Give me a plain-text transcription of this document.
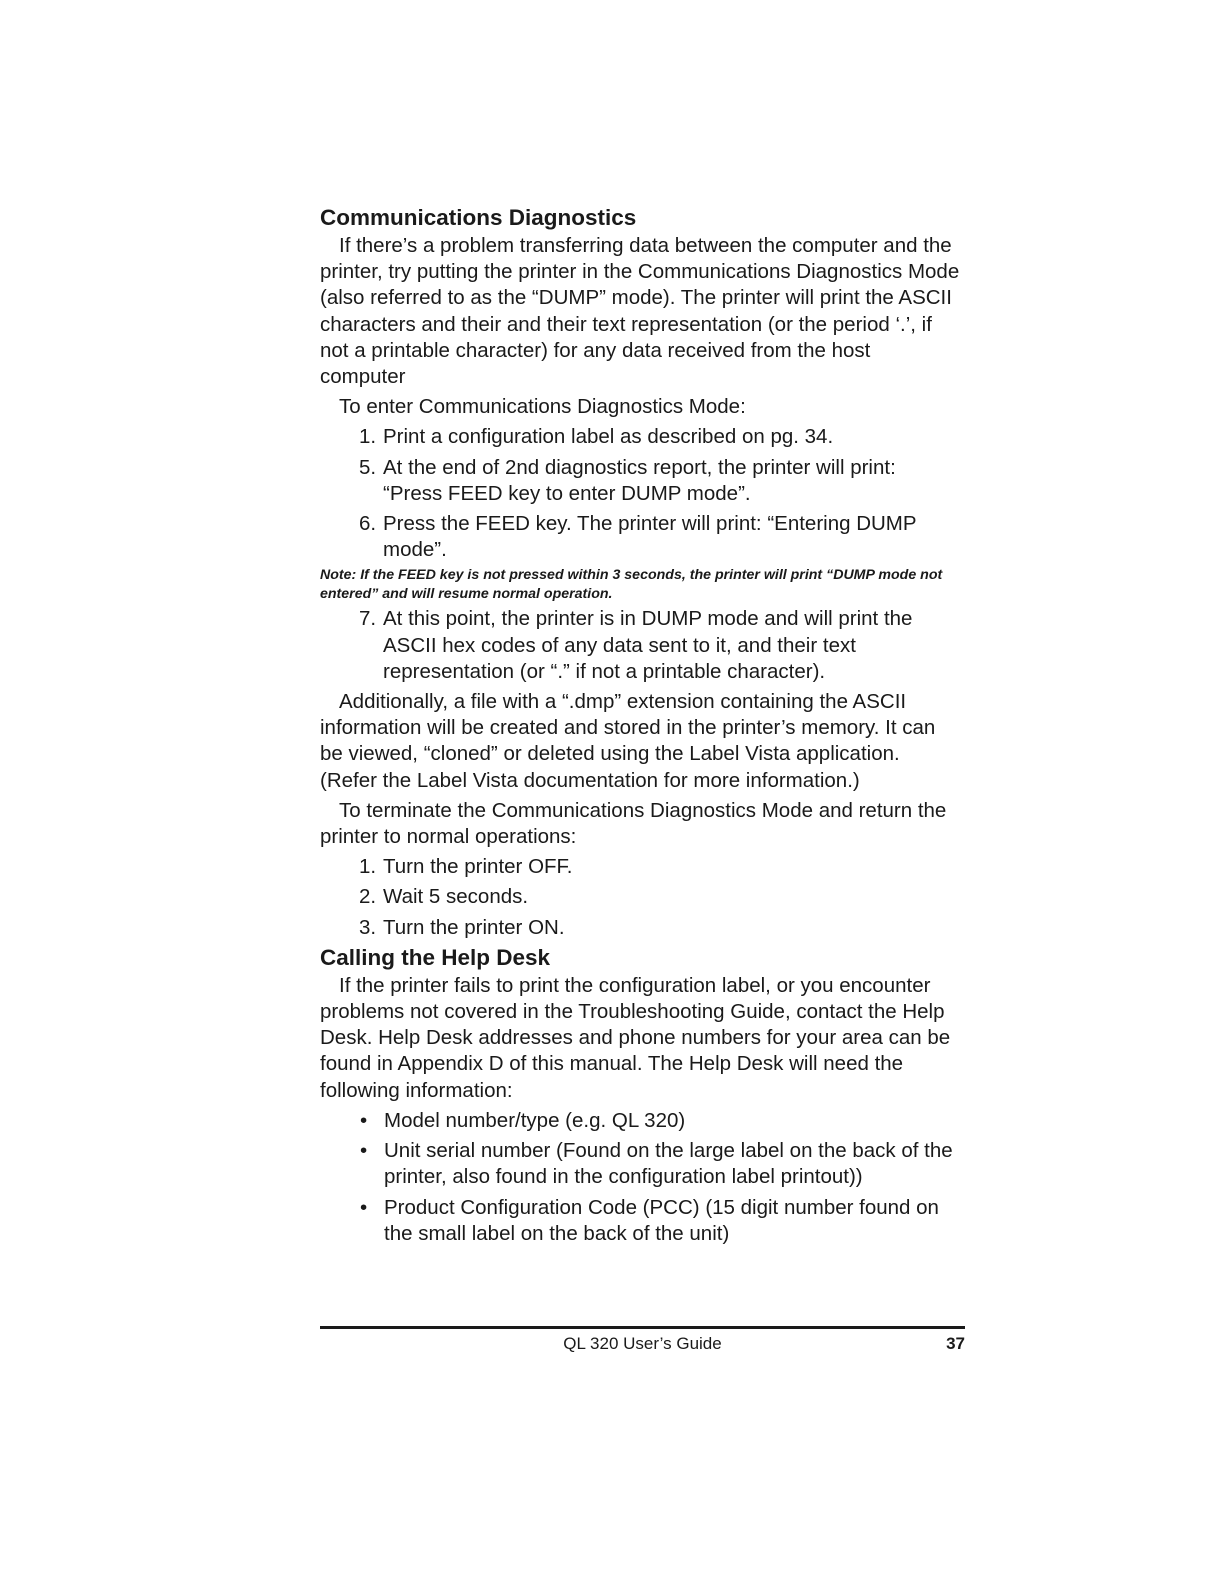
Communications Diagnostics

If there’s a problem transferring data between the computer and the printer, try putting the printer in the Communications Diagnostics Mode (also referred to as the “DUMP” mode). The printer will print the ASCII characters and their and their text representation (or the period ‘.’, if not a printable character) for any data received from the host computer

To enter Communications Diagnostics Mode:

1. Print a configuration label as described on pg. 34.
5. At the end of 2nd diagnostics report, the printer will print: “Press FEED key to enter DUMP mode”.
6. Press the FEED key. The printer will print: “Entering DUMP mode”.

Note: If the FEED key is not pressed within 3 seconds, the printer will print “DUMP mode not entered” and will resume normal operation.

7. At this point, the printer is in DUMP mode and will print the ASCII hex codes of any data sent to it, and their text representation (or “.” if not a printable character).

Additionally, a file with a “.dmp” extension containing the ASCII information will be created and stored in the printer’s memory. It can be viewed, “cloned” or deleted using the Label Vista application. (Refer the Label Vista documentation for more information.)

To terminate the Communications Diagnostics Mode and return the printer to normal operations:

1. Turn the printer OFF.
2. Wait 5 seconds.
3. Turn the printer ON.
Calling the Help Desk

If the printer fails to print the configuration label, or you encounter problems not covered in the Troubleshooting Guide, contact the Help Desk. Help Desk addresses and phone numbers for your area can be found in Appendix D of this manual. The Help Desk will need the following information:

• Model number/type (e.g. QL 320)
• Unit serial number (Found on the large label on the back of the printer, also found in the configuration label printout))
• Product Configuration Code (PCC) (15 digit number found on the small label on the back of the unit)
QL 320 User’s Guide	37
